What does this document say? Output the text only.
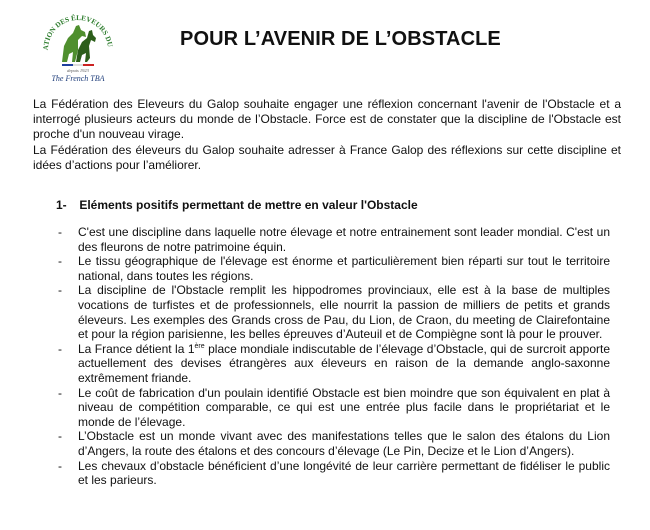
ATION DES ÉLEVEURS DU
depuis 1923
The French TBA
POUR L’AVENIR DE L’OBSTACLE

La Fédération des Eleveurs du Galop souhaite engager une réflexion concernant l'avenir de l'Obstacle et a interrogé plusieurs acteurs du monde de l’Obstacle. Force est de constater que la discipline de l'Obstacle est proche d'un nouveau virage.

La Fédération des éleveurs du Galop souhaite adresser à France Galop des réflexions sur cette discipline et idées d’actions pour l’améliorer.

1- Eléments positifs permettant de mettre en valeur l'Obstacle
- C'est une discipline dans laquelle notre élevage et notre entrainement sont leader mondial. C'est un des fleurons de notre patrimoine équin.
- Le tissu géographique de l'élevage est énorme et particulièrement bien réparti sur tout le territoire national, dans toutes les régions.
- La discipline de l'Obstacle remplit les hippodromes provinciaux, elle est à la base de multiples vocations de turfistes et de professionnels, elle nourrit la passion de milliers de petits et grands éleveurs. Les exemples des Grands cross de Pau, du Lion, de Craon, du meeting de Clairefontaine et pour la région parisienne, les belles épreuves d’Auteuil et de Compiègne sont là pour le prouver.
- La France détient la 1ère place mondiale indiscutable de l’élevage d’Obstacle, qui de surcroit apporte actuellement des devises étrangères aux éleveurs en raison de la demande anglo-saxonne extrêmement friande.
- Le coût de fabrication d'un poulain identifié Obstacle est bien moindre que son équivalent en plat à niveau de compétition comparable, ce qui est une entrée plus facile dans le propriétariat et le monde de l’élevage.
- L’Obstacle est un monde vivant avec des manifestations telles que le salon des étalons du Lion d’Angers, la route des étalons et des concours d’élevage (Le Pin, Decize et le Lion d’Angers).
- Les chevaux d’obstacle bénéficient d’une longévité de leur carrière permettant de fidéliser le public et les parieurs.
